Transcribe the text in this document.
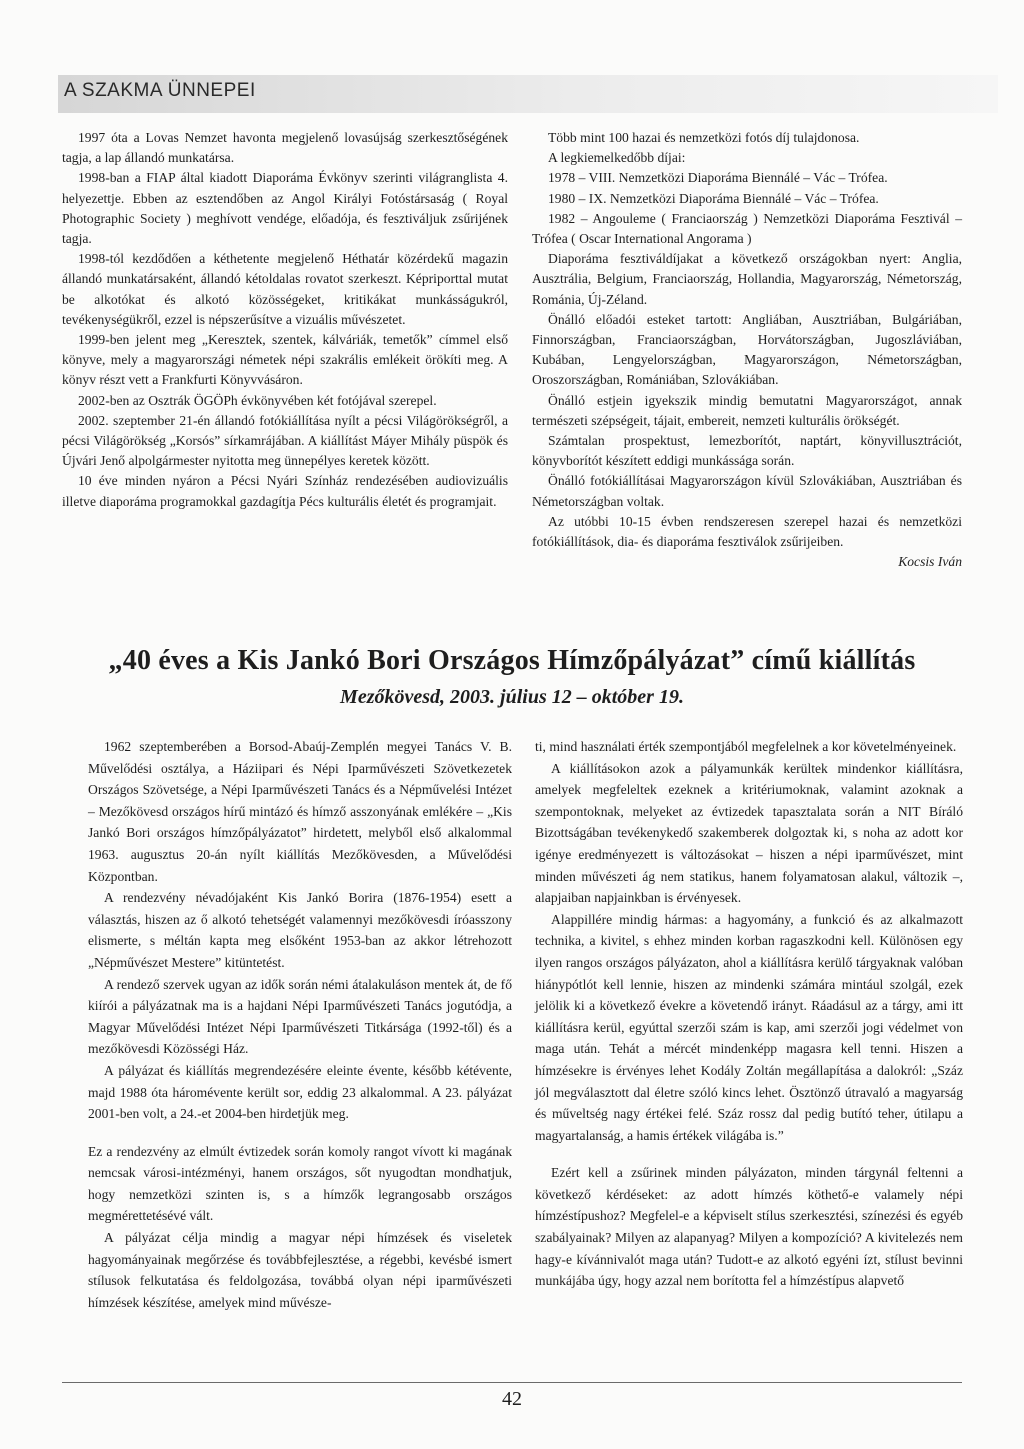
A SZAKMA ÜNNEPEI

1997 óta a Lovas Nemzet havonta megjelenő lovasújság szerkesztőségének tagja, a lap állandó munkatársa.

1998-ban a FIAP által kiadott Diaporáma Évkönyv szerinti világranglista 4. helyezettje. Ebben az esztendőben az Angol Királyi Fotóstársaság ( Royal Photographic Society ) meghívott vendége, előadója, és fesztiváljuk zsűrijének tagja.

1998-tól kezdődően a kéthetente megjelenő Héthatár közérdekű magazin állandó munkatársaként, állandó kétoldalas rovatot szerkeszt. Képriporttal mutat be alkotókat és alkotó közösségeket, kritikákat munkásságukról, tevékenységükről, ezzel is népszerűsítve a vizuális művészetet.

1999-ben jelent meg „Keresztek, szentek, kálváriák, temetők” címmel első könyve, mely a magyarországi németek népi szakrális emlékeit örökíti meg. A könyv részt vett a Frankfurti Könyvvásáron.

2002-ben az Osztrák ÖGÖPh évkönyvében két fotójával szerepel.

2002. szeptember 21-én állandó fotókiállítása nyílt a pécsi Világörökségről, a pécsi Világörökség „Korsós” sírkamrájában. A kiállítást Máyer Mihály püspök és Újvári Jenő alpolgármester nyitotta meg ünnepélyes keretek között.

10 éve minden nyáron a Pécsi Nyári Színház rendezésében audiovizuális illetve diaporáma programokkal gazdagítja Pécs kulturális életét és programjait.

Több mint 100 hazai és nemzetközi fotós díj tulajdonosa.

A legkiemelkedőbb díjai:

1978 – VIII. Nemzetközi Diaporáma Biennálé – Vác – Trófea.

1980 – IX. Nemzetközi Diaporáma Biennálé – Vác – Trófea.

1982 – Angouleme ( Franciaország ) Nemzetközi Diaporáma Fesztivál – Trófea ( Oscar International Angorama )

Diaporáma fesztiváldíjakat a következő országokban nyert: Anglia, Ausztrália, Belgium, Franciaország, Hollandia, Magyarország, Németország, Románia, Új-Zéland.

Önálló előadói esteket tartott: Angliában, Ausztriában, Bulgáriában, Finnországban, Franciaországban, Horvátországban, Jugoszláviában, Kubában, Lengyelországban, Magyarországon, Németországban, Oroszországban, Romániában, Szlovákiában.

Önálló estjein igyekszik mindig bemutatni Magyarországot, annak természeti szépségeit, tájait, embereit, nemzeti kulturális örökségét.

Számtalan prospektust, lemezborítót, naptárt, könyvillusztrációt, könyvborítót készített eddigi munkássága során.

Önálló fotókiállításai Magyarországon kívül Szlovákiában, Ausztriában és Németországban voltak.

Az utóbbi 10-15 évben rendszeresen szerepel hazai és nemzetközi fotókiállítások, dia- és diaporáma fesztiválok zsűrijeiben.

Kocsis Iván

„40 éves a Kis Jankó Bori Országos Hímzőpályázat” című kiállítás
Mezőkövesd, 2003. július 12 – október 19.

1962 szeptemberében a Borsod-Abaúj-Zemplén megyei Tanács V. B. Művelődési osztálya, a Háziipari és Népi Iparművészeti Szövetkezetek Országos Szövetsége, a Népi Iparművészeti Tanács és a Népművelési Intézet – Mezőkövesd országos hírű mintázó és hímző asszonyának emlékére – „Kis Jankó Bori országos hímzőpályázatot” hirdetett, melyből első alkalommal 1963. augusztus 20-án nyílt kiállítás Mezőkövesden, a Művelődési Központban.

A rendezvény névadójaként Kis Jankó Borira (1876-1954) esett a választás, hiszen az ő alkotó tehetségét valamennyi mezőkövesdi íróasszony elismerte, s méltán kapta meg elsőként 1953-ban az akkor létrehozott „Népművészet Mestere” kitüntetést.

A rendező szervek ugyan az idők során némi átalakuláson mentek át, de fő kiírói a pályázatnak ma is a hajdani Népi Iparművészeti Tanács jogutódja, a Magyar Művelődési Intézet Népi Iparművészeti Titkársága (1992-től) és a mezőkövesdi Közösségi Ház.

A pályázat és kiállítás megrendezésére eleinte évente, később kétévente, majd 1988 óta háromévente került sor, eddig 23 alkalommal. A 23. pályázat 2001-ben volt, a 24.-et 2004-ben hirdetjük meg.

Ez a rendezvény az elmúlt évtizedek során komoly rangot vívott ki magának nemcsak városi-intézményi, hanem országos, sőt nyugodtan mondhatjuk, hogy nemzetközi szinten is, s a hímzők legrangosabb országos megmérettetésévé vált.

A pályázat célja mindig a magyar népi hímzések és viseletek hagyományainak megőrzése és továbbfejlesztése, a régebbi, kevésbé ismert stílusok felkutatása és feldolgozása, továbbá olyan népi iparművészeti hímzések készítése, amelyek mind művésze-

ti, mind használati érték szempontjából megfelelnek a kor követelményeinek.

A kiállításokon azok a pályamunkák kerültek mindenkor kiállításra, amelyek megfeleltek ezeknek a kritériumoknak, valamint azoknak a szempontoknak, melyeket az évtizedek tapasztalata során a NIT Bíráló Bizottságában tevékenykedő szakemberek dolgoztak ki, s noha az adott kor igénye eredményezett is változásokat – hiszen a népi iparművészet, mint minden művészeti ág nem statikus, hanem folyamatosan alakul, változik –, alapjaiban napjainkban is érvényesek.

Alappillére mindig hármas: a hagyomány, a funkció és az alkalmazott technika, a kivitel, s ehhez minden korban ragaszkodni kell. Különösen egy ilyen rangos országos pályázaton, ahol a kiállításra kerülő tárgyaknak valóban hiánypótlót kell lennie, hiszen az mindenki számára mintául szolgál, ezek jelölik ki a következő évekre a követendő irányt. Ráadásul az a tárgy, ami itt kiállításra kerül, egyúttal szerzői szám is kap, ami szerzői jogi védelmet von maga után. Tehát a mércét mindenképp magasra kell tenni. Hiszen a hímzésekre is érvényes lehet Kodály Zoltán megállapítása a dalokról: „Száz jól megválasztott dal életre szóló kincs lehet. Ösztönző útravaló a magyarság és műveltség nagy értékei felé. Száz rossz dal pedig butító teher, útilapu a magyartalanság, a hamis értékek világába is.”

Ezért kell a zsűrinek minden pályázaton, minden tárgynál feltenni a következő kérdéseket: az adott hímzés köthető-e valamely népi hímzéstípushoz? Megfelel-e a képviselt stílus szerkesztési, színezési és egyéb szabályainak? Milyen az alapanyag? Milyen a kompozíció? A kivitelezés nem hagy-e kívánnivalót maga után? Tudott-e az alkotó egyéni ízt, stílust bevinni munkájába úgy, hogy azzal nem borította fel a hímzéstípus alapvető

42
